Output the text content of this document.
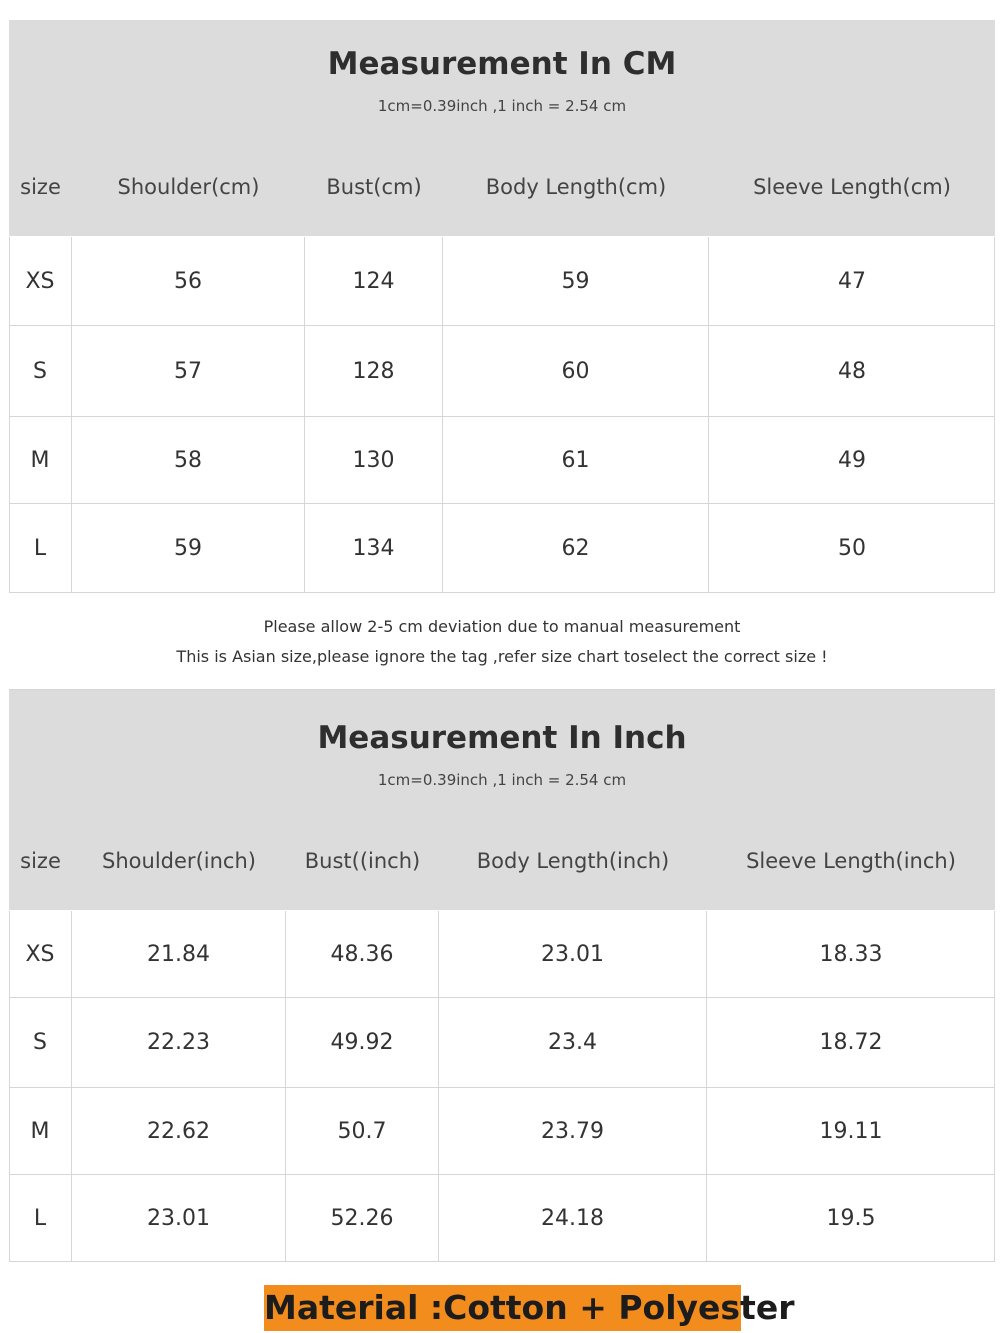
Measurement In CM
1cm=0.39inch ,1 inch = 2.54 cm
size	Shoulder(cm)	Bust(cm)	Body Length(cm)	Sleeve Length(cm)
XS	56	124	59	47
S	57	128	60	48
M	58	130	61	49
L	59	134	62	50
Please allow 2-5 cm deviation due to manual measurement
This is Asian size,please ignore the tag ,refer size chart toselect the correct size !
Measurement In Inch
1cm=0.39inch ,1 inch = 2.54 cm
size	Shoulder(inch)	Bust((inch)	Body Length(inch)	Sleeve Length(inch)
XS	21.84	48.36	23.01	18.33
S	22.23	49.92	23.4	18.72
M	22.62	50.7	23.79	19.11
L	23.01	52.26	24.18	19.5
Material :Cotton + Polyester
